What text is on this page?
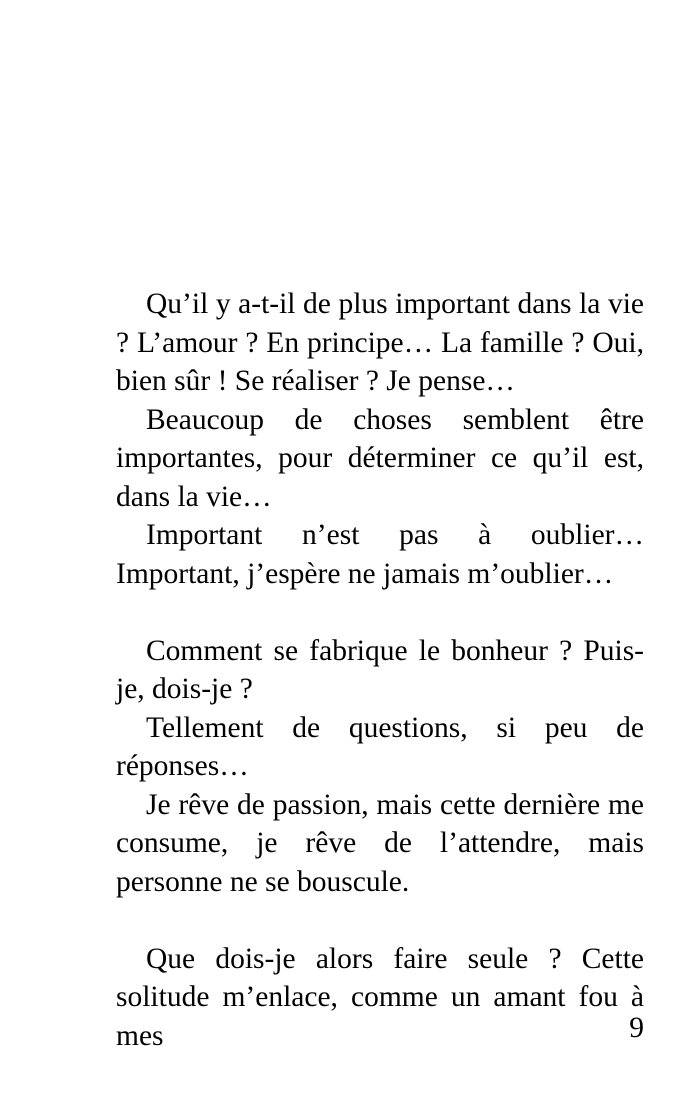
Qu’il y a-t-il de plus important dans la vie ? L’amour ? En principe… La famille ? Oui, bien sûr ! Se réaliser ? Je pense…

Beaucoup de choses semblent être importantes, pour déterminer ce qu’il est, dans la vie…

Important n’est pas à oublier… Important, j’espère ne jamais m’oublier…

Comment se fabrique le bonheur ? Puis-je, dois-je ?

Tellement de questions, si peu de réponses…

Je rêve de passion, mais cette dernière me consume, je rêve de l’attendre, mais personne ne se bouscule.

Que dois-je alors faire seule ? Cette solitude m’enlace, comme un amant fou à mes	9
